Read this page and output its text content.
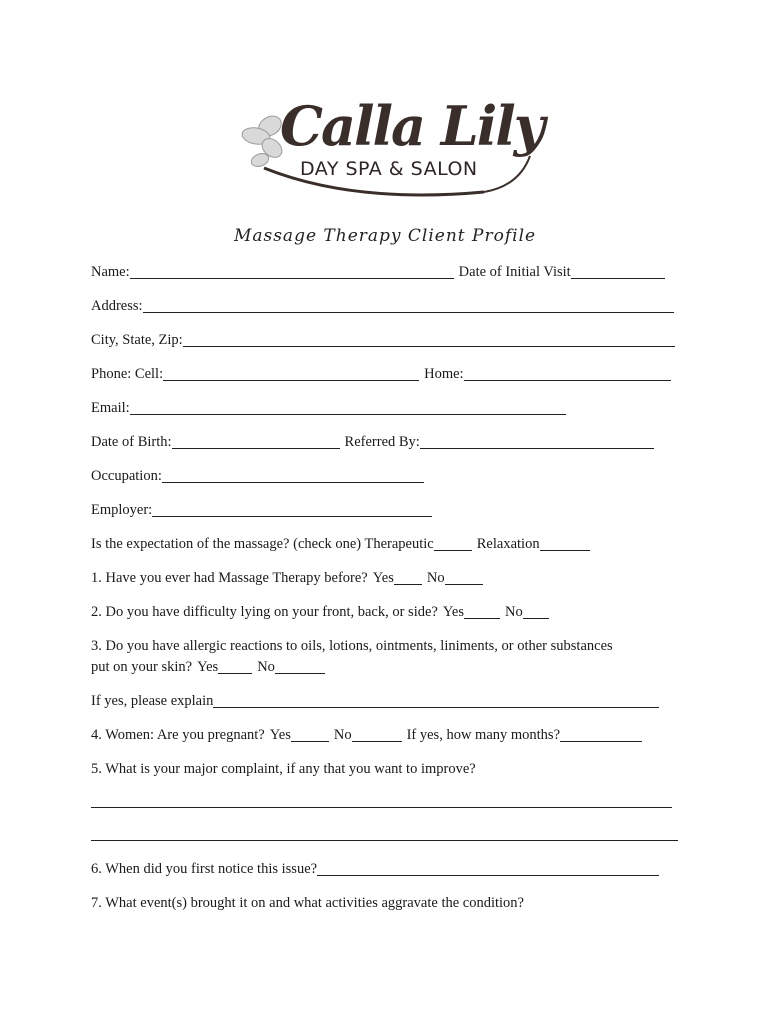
Calla Lily
DAY SPA & SALON
Massage Therapy Client Profile
Name:	Date of Initial Visit
Address:
City, State, Zip:
Phone: Cell:	Home:
Email:
Date of Birth:	Referred By:
Occupation:
Employer:
Is the expectation of the massage? (check one) Therapeutic	Relaxation
1. Have you ever had Massage Therapy before? Yes No
2. Do you have difficulty lying on your front, back, or side? Yes	No
3. Do you have allergic reactions to oils, lotions, ointments, liniments, or other substances
put on your skin? Yes	No
If yes, please explain
4. Women: Are you pregnant? Yes	No	If yes, how many months?
5. What is your major complaint, if any that you want to improve?
6. When did you first notice this issue?
7. What event(s) brought it on and what activities aggravate the condition?
